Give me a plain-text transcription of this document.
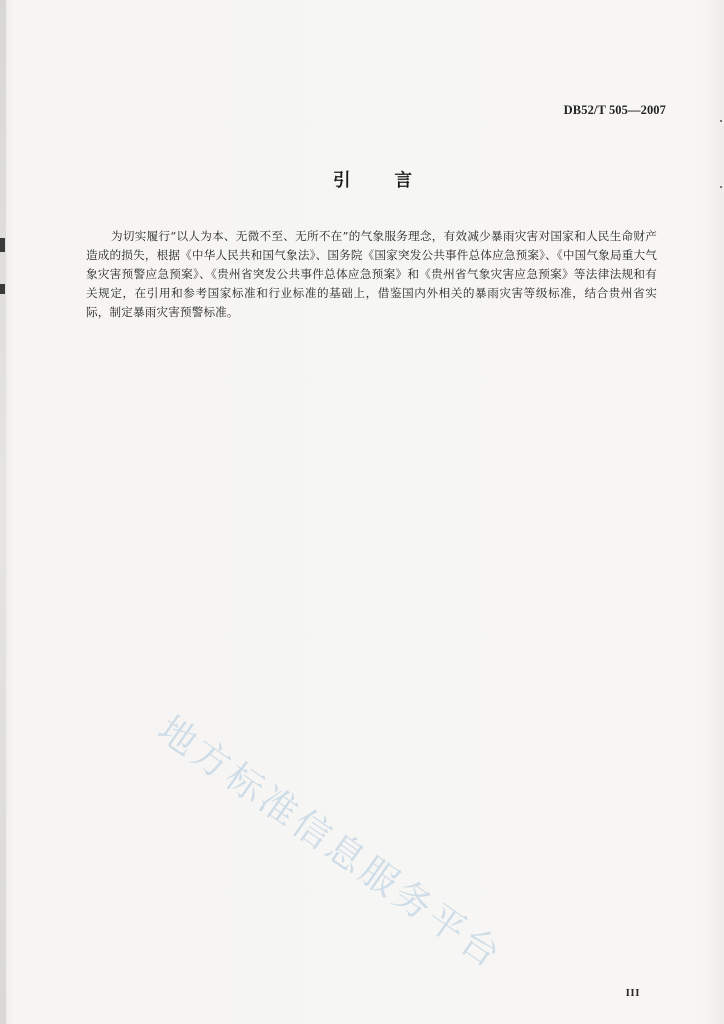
DB52/T 505—2007
引言

为切实履行“以人为本、无微不至、无所不在”的气象服务理念，有效减少暴雨灾害对国家和人民生命财产造成的损失，根据《中华人民共和国气象法》、国务院《国家突发公共事件总体应急预案》、《中国气象局重大气象灾害预警应急预案》、《贵州省突发公共事件总体应急预案》和《贵州省气象灾害应急预案》等法律法规和有关规定，在引用和参考国家标准和行业标准的基础上，借鉴国内外相关的暴雨灾害等级标准，结合贵州省实际，制定暴雨灾害预警标准。

地方标准信息服务平台
III
